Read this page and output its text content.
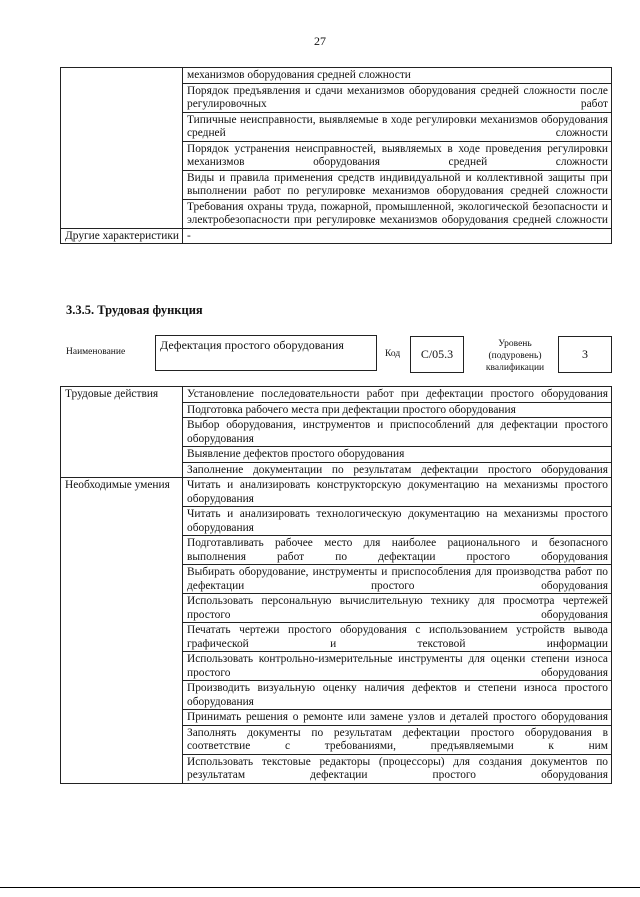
27
	механизмов оборудования средней сложности
	Порядок предъявления и сдачи механизмов оборудования средней сложности после регулировочных работ
	Типичные неисправности, выявляемые в ходе регулировки механизмов оборудования средней сложности
	Порядок устранения неисправностей, выявляемых в ходе проведения регулировки механизмов оборудования средней сложности
	Виды и правила применения средств индивидуальной и коллективной защиты при выполнении работ по регулировке механизмов оборудования средней сложности
	Требования охраны труда, пожарной, промышленной, экологической безопасности и электробезопасности при регулировке механизмов оборудования средней сложности
Другие характеристики	-
3.3.5. Трудовая функция
Наименование	Дефектация простого оборудования
Код	C/05.3
Уровень (подуровень) квалификации
3
Трудовые действия	Установление последовательности работ при дефектации простого оборудования
	Подготовка рабочего места при дефектации простого оборудования
	Выбор оборудования, инструментов и приспособлений для дефектации простого оборудования
	Выявление дефектов простого оборудования
	Заполнение документации по результатам дефектации простого оборудования
Необходимые умения	Читать и анализировать конструкторскую документацию на механизмы простого оборудования
	Читать и анализировать технологическую документацию на механизмы простого оборудования
	Подготавливать рабочее место для наиболее рационального и безопасного выполнения работ по дефектации простого оборудования
	Выбирать оборудование, инструменты и приспособления для производства работ по дефектации простого оборудования
	Использовать персональную вычислительную технику для просмотра чертежей простого оборудования
	Печатать чертежи простого оборудования с использованием устройств вывода графической и текстовой информации
	Использовать контрольно-измерительные инструменты для оценки степени износа простого оборудования
	Производить визуальную оценку наличия дефектов и степени износа простого оборудования
	Принимать решения о ремонте или замене узлов и деталей простого оборудования
	Заполнять документы по результатам дефектации простого оборудования в соответствие с требованиями, предъявляемыми к ним
	Использовать текстовые редакторы (процессоры) для создания документов по результатам дефектации простого оборудования
